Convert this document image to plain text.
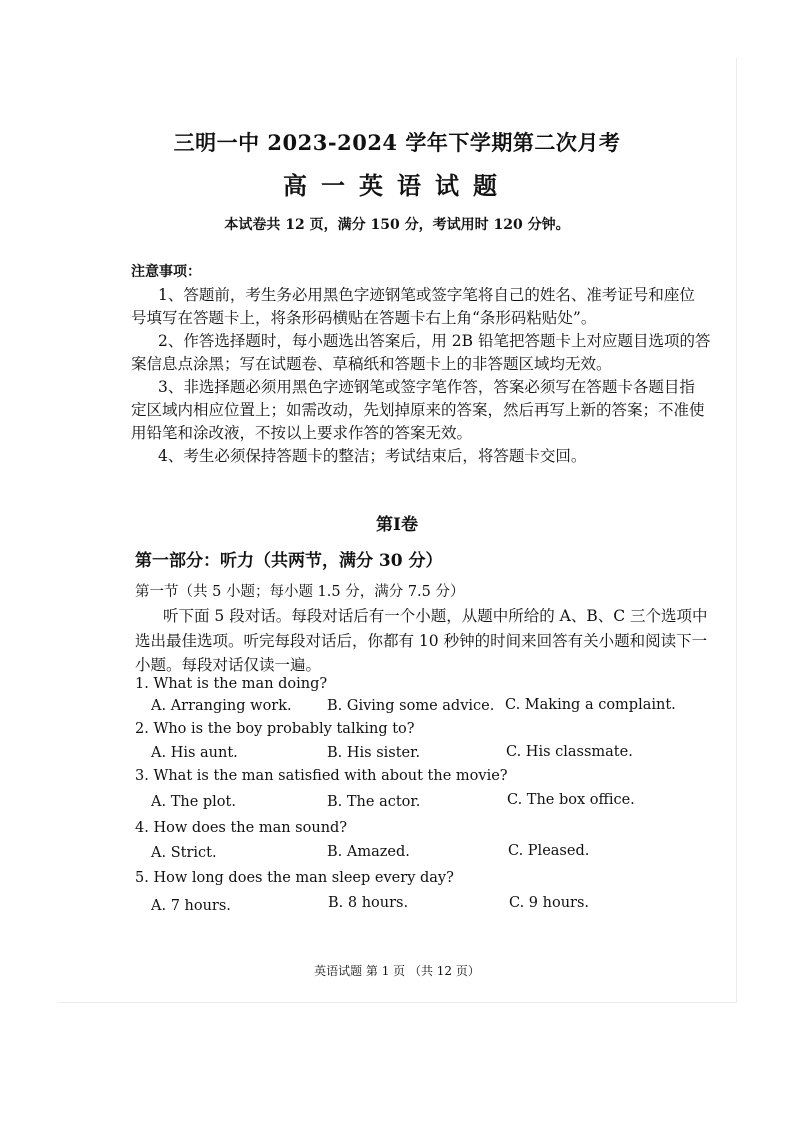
三明一中 2023-2024 学年下学期第二次月考
高一英语试题
本试卷共 12 页，满分 150 分，考试用时 120 分钟。
注意事项：
1、答题前，考生务必用黑色字迹钢笔或签字笔将自己的姓名、准考证号和座位
号填写在答题卡上，将条形码横贴在答题卡右上角“条形码粘贴处”。
2、作答选择题时，每小题选出答案后，用 2B 铅笔把答题卡上对应题目选项的答
案信息点涂黑；写在试题卷、草稿纸和答题卡上的非答题区域均无效。
3、非选择题必须用黑色字迹钢笔或签字笔作答，答案必须写在答题卡各题目指
定区域内相应位置上；如需改动，先划掉原来的答案，然后再写上新的答案；不准使
用铅笔和涂改液，不按以上要求作答的答案无效。
4、考生必须保持答题卡的整洁；考试结束后，将答题卡交回。
第I卷
第一部分：听力（共两节，满分 30 分）
第一节（共 5 小题；每小题 1.5 分，满分 7.5 分）
听下面 5 段对话。每段对话后有一个小题，从题中所给的 A、B、C 三个选项中
选出最佳选项。听完每段对话后，你都有 10 秒钟的时间来回答有关小题和阅读下一
小题。每段对话仅读一遍。
1. What is the man doing?
A. Arranging work. B. Giving some advice. C. Making a complaint.
2. Who is the boy probably talking to?
A. His aunt.	B. His sister.	C. His classmate.
3. What is the man satisfied with about the movie?
A. The plot.	B. The actor.	C. The box office.
4. How does the man sound?
A. Strict.	B. Amazed.	C. Pleased.
5. How long does the man sleep every day?
A. 7 hours.	B. 8 hours.	C. 9 hours.
英语试题 第 1 页 （共 12 页）
